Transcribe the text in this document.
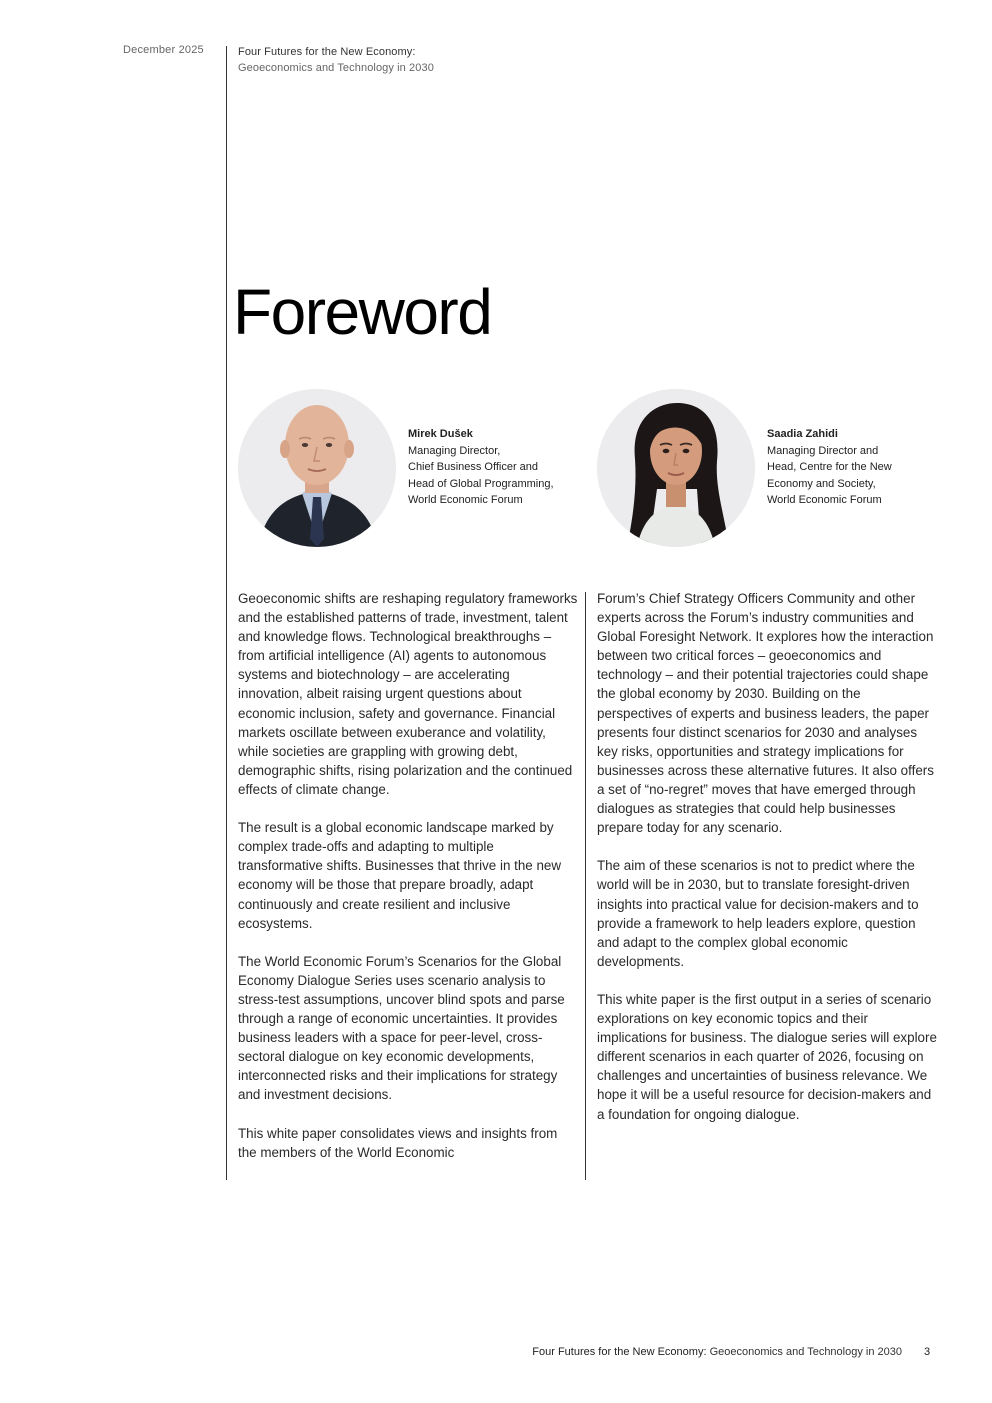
December 2025	Four Futures for the New Economy:
Geoeconomics and Technology in 2030
Foreword
Mirek Dušek
Managing Director,
Chief Business Officer and
Head of Global Programming,
World Economic Forum
Saadia Zahidi
Managing Director and
Head, Centre for the New
Economy and Society,
World Economic Forum

Geoeconomic shifts are reshaping regulatory frameworks and the established patterns of trade, investment, talent and knowledge flows. Technological breakthroughs – from artificial intelligence (AI) agents to autonomous systems and biotechnology – are accelerating innovation, albeit raising urgent questions about economic inclusion, safety and governance. Financial markets oscillate between exuberance and volatility, while societies are grappling with growing debt, demographic shifts, rising polarization and the continued effects of climate change.

The result is a global economic landscape marked by complex trade-offs and adapting to multiple transformative shifts. Businesses that thrive in the new economy will be those that prepare broadly, adapt continuously and create resilient and inclusive ecosystems.

The World Economic Forum’s Scenarios for the Global Economy Dialogue Series uses scenario analysis to stress-test assumptions, uncover blind spots and parse through a range of economic uncertainties. It provides business leaders with a space for peer-level, cross-sectoral dialogue on key economic developments, interconnected risks and their implications for strategy and investment decisions.

This white paper consolidates views and insights from the members of the World Economic

Forum’s Chief Strategy Officers Community and other experts across the Forum’s industry communities and Global Foresight Network. It explores how the interaction between two critical forces – geoeconomics and technology – and their potential trajectories could shape the global economy by 2030. Building on the perspectives of experts and business leaders, the paper presents four distinct scenarios for 2030 and analyses key risks, opportunities and strategy implications for businesses across these alternative futures. It also offers a set of “no-regret” moves that have emerged through dialogues as strategies that could help businesses prepare today for any scenario.

The aim of these scenarios is not to predict where the world will be in 2030, but to translate foresight-driven insights into practical value for decision-makers and to provide a framework to help leaders explore, question and adapt to the complex global economic developments.

This white paper is the first output in a series of scenario explorations on key economic topics and their implications for business. The dialogue series will explore different scenarios in each quarter of 2026, focusing on challenges and uncertainties of business relevance. We hope it will be a useful resource for decision-makers and a foundation for ongoing dialogue.

Four Futures for the New Economy: Geoeconomics and Technology in 2030 3
